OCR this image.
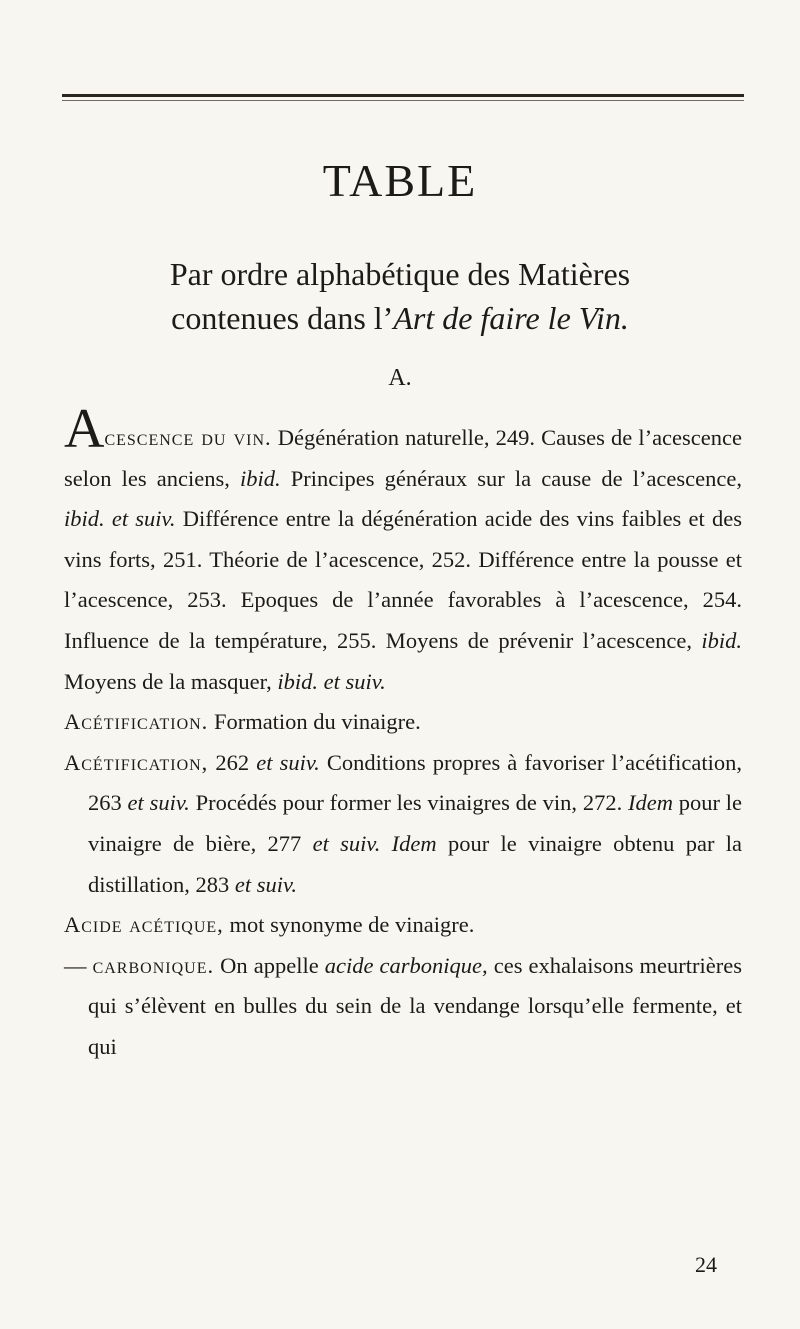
TABLE
Par ordre alphabétique des Matières
contenues dans l’Art de faire le Vin.
A.

Acescence du vin. Dégénération naturelle, 249. Causes de l’acescence selon les anciens, ibid. Principes généraux sur la cause de l’acescence, ibid. et suiv. Différence entre la dégénération acide des vins faibles et des vins forts, 251. Théorie de l’acescence, 252. Différence entre la pousse et l’acescence, 253. Epoques de l’année favorables à l’acescence, 254. Influence de la température, 255. Moyens de prévenir l’acescence, ibid. Moyens de la masquer, ibid. et suiv.

Acétification. Formation du vinaigre.

Acétification, 262 et suiv. Conditions propres à favoriser l’acétification, 263 et suiv. Procédés pour former les vinaigres de vin, 272. Idem pour le vinaigre de bière, 277 et suiv. Idem pour le vinaigre obtenu par la distillation, 283 et suiv.

Acide acétique, mot synonyme de vinaigre.

— carbonique. On appelle acide carbonique, ces exhalaisons meurtrières qui s’élèvent en bulles du sein de la vendange lorsqu’elle fermente, et qui

24
